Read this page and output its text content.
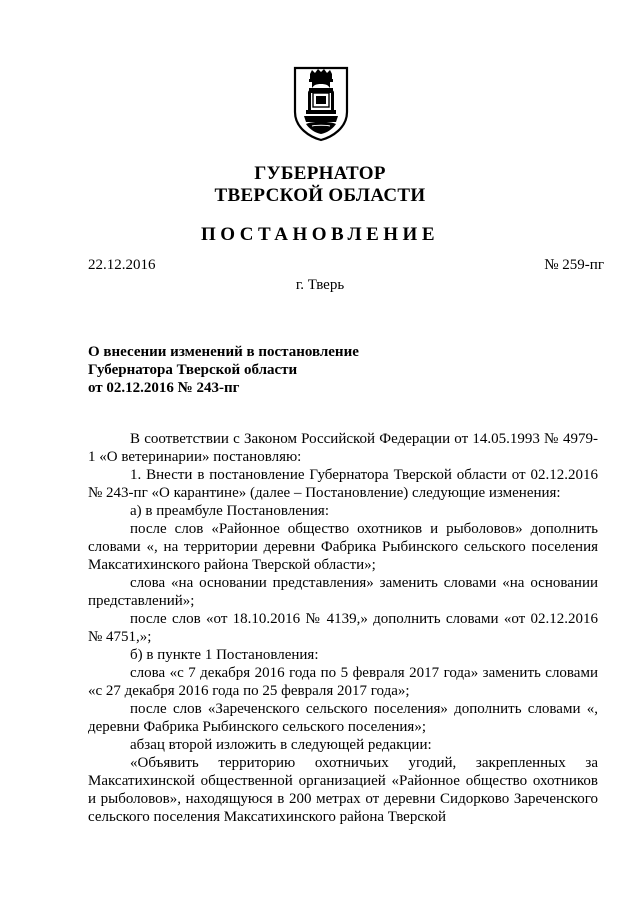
ГУБЕРНАТОР
ТВЕРСКОЙ ОБЛАСТИ
ПОСТАНОВЛЕНИЕ
22.12.2016	№ 259-пг
г. Тверь
О внесении изменений в постановление
Губернатора Тверской области
от 02.12.2016 № 243-пг

В соответствии с Законом Российской Федерации от 14.05.1993 № 4979-1 «О ветеринарии» постановляю:

1. Внести в постановление Губернатора Тверской области от 02.12.2016 № 243-пг «О карантине» (далее – Постановление) следующие изменения:

а) в преамбуле Постановления:

после слов «Районное общество охотников и рыболовов» дополнить словами «, на территории деревни Фабрика Рыбинского сельского поселения Максатихинского района Тверской области»;

слова «на основании представления» заменить словами «на основании представлений»;

после слов «от 18.10.2016 № 4139,» дополнить словами «от 02.12.2016 № 4751,»;

б) в пункте 1 Постановления:

слова «с 7 декабря 2016 года по 5 февраля 2017 года» заменить словами «с 27 декабря 2016 года по 25 февраля 2017 года»;

после слов «Зареченского сельского поселения» дополнить словами «, деревни Фабрика Рыбинского сельского поселения»;

абзац второй изложить в следующей редакции:

«Объявить территорию охотничьих угодий, закрепленных за Максатихинской общественной организацией «Районное общество охотников и рыболовов», находящуюся в 200 метрах от деревни Сидорково Зареченского сельского поселения Максатихинского района Тверской
